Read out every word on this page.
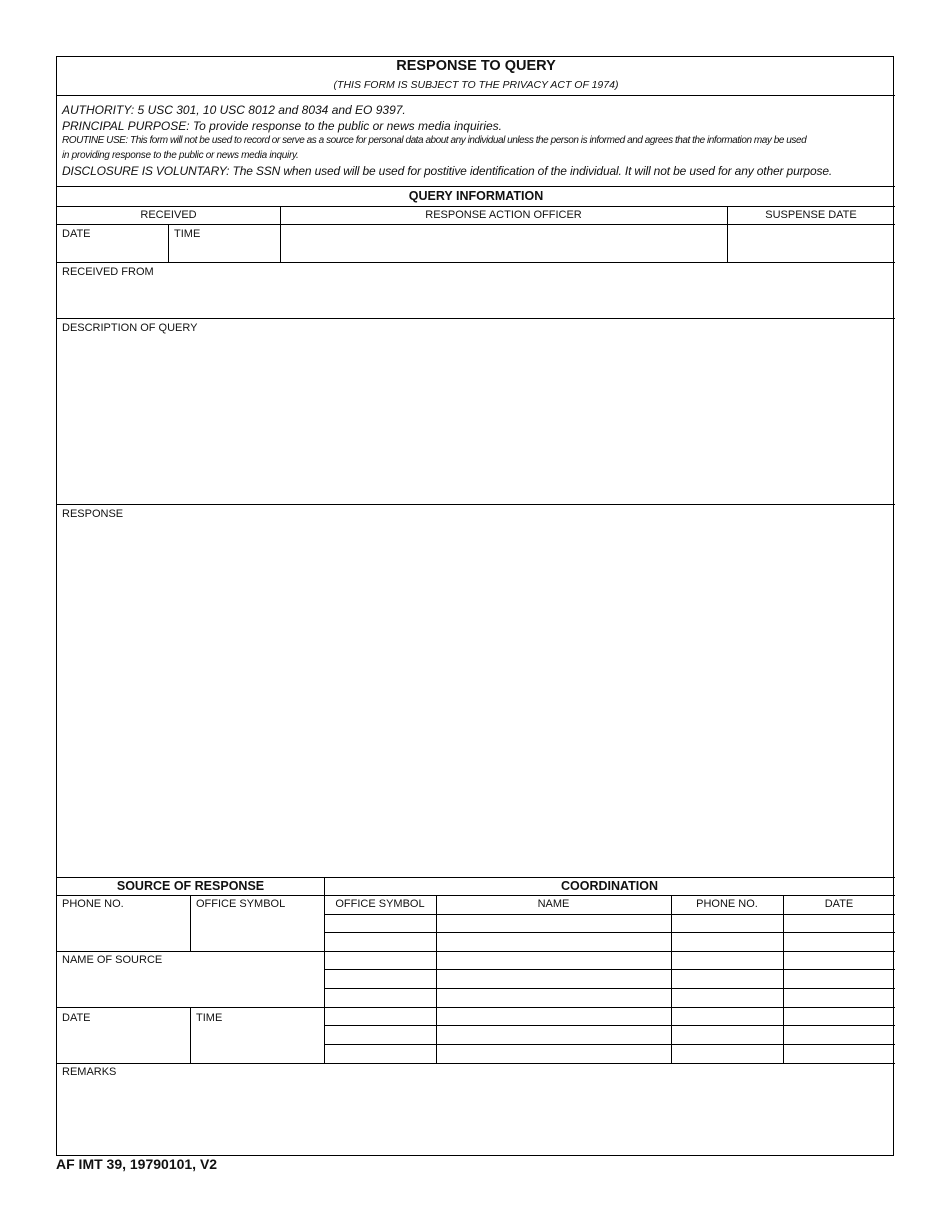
RESPONSE TO QUERY
(THIS FORM IS SUBJECT TO THE PRIVACY ACT OF 1974)
AUTHORITY: 5 USC 301, 10 USC 8012 and 8034 and EO 9397.
PRINCIPAL PURPOSE: To provide response to the public or news media inquiries.
ROUTINE USE: This form will not be used to record or serve as a source for personal data about any individual unless the person is informed and agrees that the information may be used
in providing response to the public or news media inquiry.
DISCLOSURE IS VOLUNTARY: The SSN when used will be used for postitive identification of the individual. It will not be used for any other purpose.
QUERY INFORMATION
RECEIVED	RESPONSE ACTION OFFICER	SUSPENSE DATE
DATE	TIME
RECEIVED FROM
DESCRIPTION OF QUERY
RESPONSE
SOURCE OF RESPONSE	COORDINATION
OFFICE SYMBOL	NAME	PHONE NO.	DATE
PHONE NO.	OFFICE SYMBOL
NAME OF SOURCE
DATE	TIME
REMARKS
AF IMT 39, 19790101, V2
